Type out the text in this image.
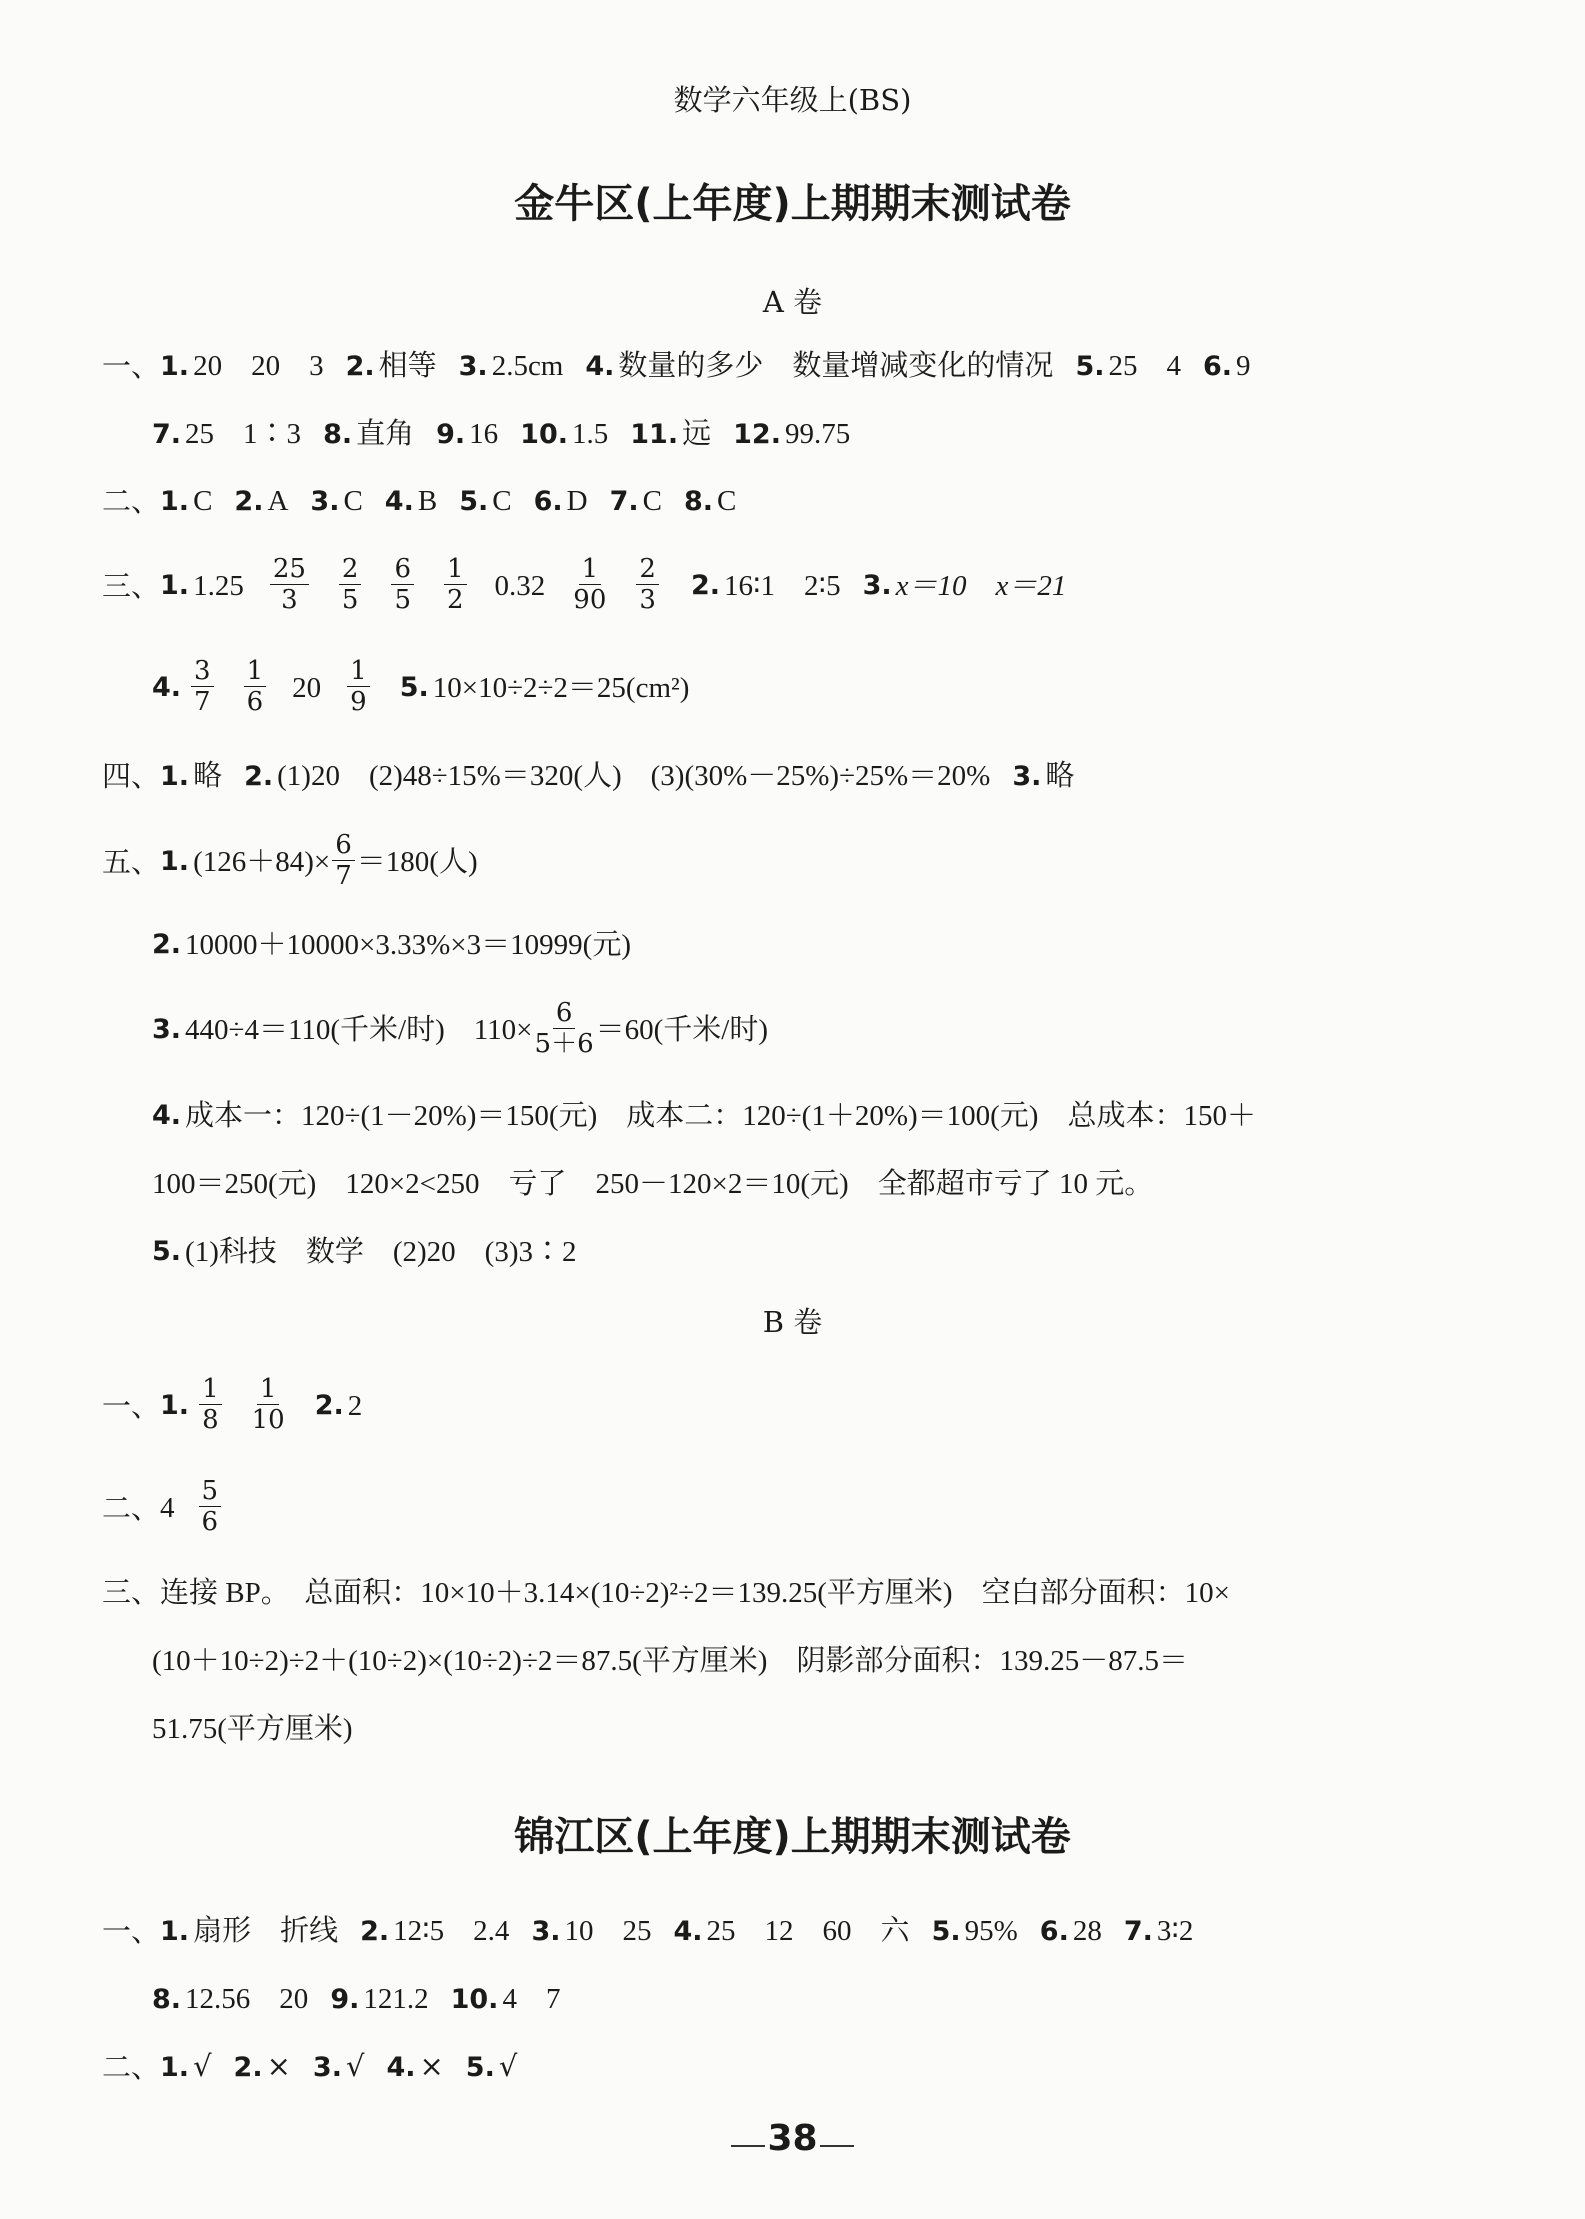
数学六年级上(BS)
金牛区(上年度)上期期末测试卷
A 卷
一、 1. 20　20　3 2. 相等 3. 2.5cm 4. 数量的多少　数量增减变化的情况 5. 25　4 6. 9
7. 25　1∶3 8. 直角 9. 16 10. 1.5 11. 远 12. 99.75
二、 1. C 2. A 3. C 4. B 5. C 6. D 7. C 8. C
三、 1. $1.25 \frac{25}{3} \frac{2}{5} \frac{6}{5} \frac{1}{2} 0.32 \frac{1}{90} \frac{2}{3} 2$. 16∶1　2∶5 3. x＝10　x＝21
4. $\frac{3}{7} \frac{1}{6} 20 \frac{1}{9} 5$. 10×10÷2÷2＝25(cm²)
四、 1. 略 2. (1)20　(2)48÷15%＝320(人)　(3)(30%－25%)÷25%＝20% 3. 略
五、 1. $(126+84)\times \frac{6}{7} =180$(人)
2. 10000＋10000×3.33%×3＝10999(元)
3. 440÷4＝110(千米/时)　$110\times \frac{6}{5+6} =60$(千米/时)
4. 成本一：120÷(1－20%)＝150(元)　成本二：120÷(1＋20%)＝100(元)　总成本：150＋
100＝250(元)　120×2<250　亏了　250－120×2＝10(元)　全都超市亏了 10 元。
5. (1)科技　数学　(2)20　(3)3∶2
B 卷
一、 1. $\frac{1}{8} \frac{1}{10} 2$. 2
二、 $4 \frac{5}{6}$
三、连接 BP。　总面积：10×10＋3.14×(10÷2)²÷2＝139.25(平方厘米)　空白部分面积：10×
(10＋10÷2)÷2＋(10÷2)×(10÷2)÷2＝87.5(平方厘米)　阴影部分面积：139.25－87.5＝
51.75(平方厘米)
锦江区(上年度)上期期末测试卷
一、 1. 扇形　折线 2. 12∶5　2.4 3. 10　25 4. 25　12　60　六 5. 95% 6. 28 7. 3∶2
8. 12.56　20 9. 121.2 10. 4　7
二、 1. √ 2. × 3. √ 4. × 5. √
38
